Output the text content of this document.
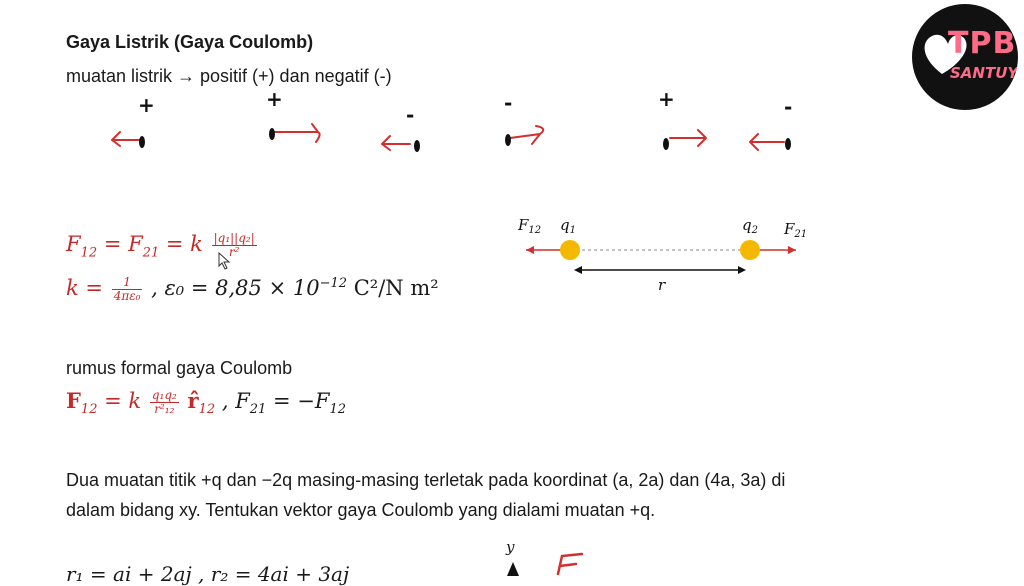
Gaya Listrik (Gaya Coulomb)
muatan listrik → positif (+) dan negatif (-)
+	+
-	-	+	-
$F_{12} = F_{21} = k \frac{\text{|q₁||q₂|}}{\text{r²}}$
$k = \frac{1}{\text{4πε₀}}$ , $\varepsilon_0 = 8,85 \times 10^{-12}$ C²/N m²
$F_{12}$ $q_1$	$q_2$ $F_{21}$
r
rumus formal gaya Coulomb
$F_{12} = k \frac{\text{q₁q₂}}{\text{r²₁₂}}$ $r̂_{12}$ , $F_{21} = -F_{12}$
Dua muatan titik +q dan −2q masing-masing terletak pada koordinat (a, 2a) dan (4a, 3a) di
dalam bidang xy. Tentukan vektor gaya Coulomb yang dialami muatan +q.
r₁ = ai + 2aj , r₂ = 4ai + 3aj
y
TPB
SANTUY
